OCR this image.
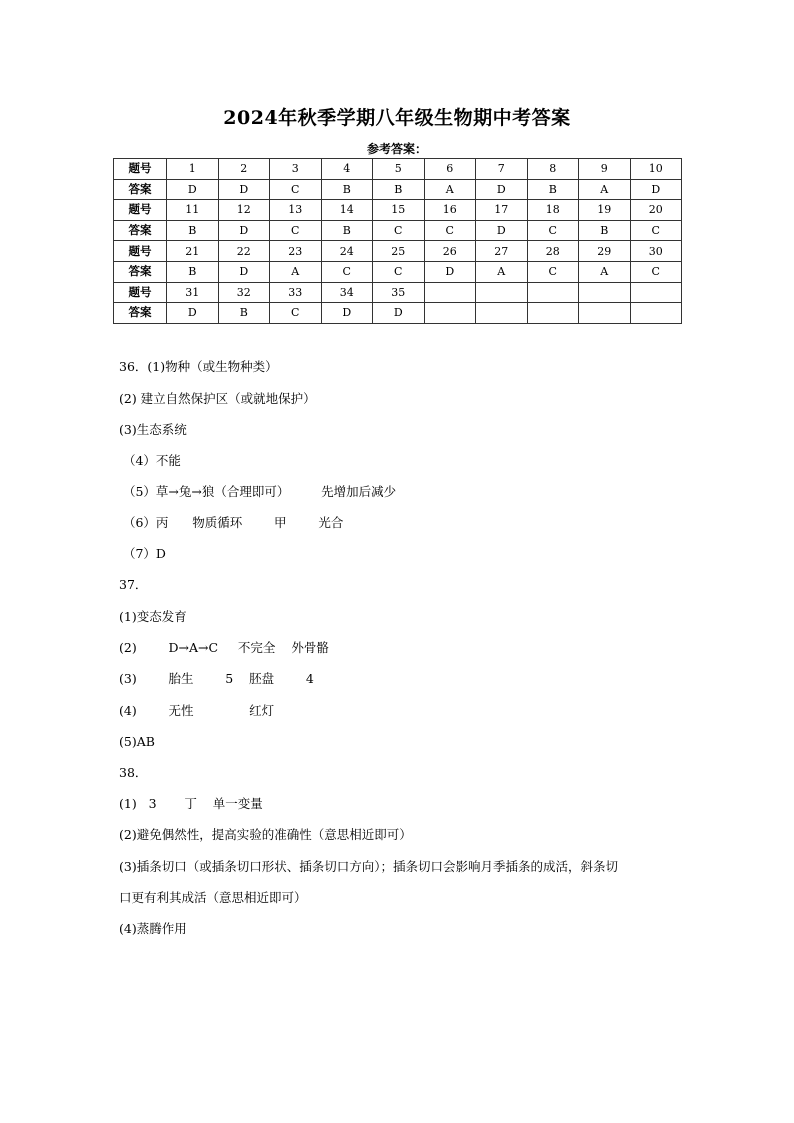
2024年秋季学期八年级生物期中考答案
参考答案：
题号	1	2	3	4	5	6	7	8	9	10
答案	D	D	C	B	B	A	D	B	A	D
题号	11	12	13	14	15	16	17	18	19	20
答案	B	D	C	B	C	C	D	C	B	C
题号	21	22	23	24	25	26	27	28	29	30
答案	B	D	A	C	C	D	A	C	A	C
题号	31	32	33	34	35					
答案	D	B	C	D	D					
36．(1)物种（或生物种类）
(2) 建立自然保护区（或就地保护）
(3)生态系统
（4）不能
（5）草→兔→狼（合理即可）        先增加后减少
（6）丙      物质循环        甲        光合
（7）D
37．
(1)变态发育
(2)        D→A→C     不完全    外骨骼
(3)        胎生        5    胚盘        4
(4)        无性              红灯
(5)AB
38．
(1)   3       丁    单一变量
(2)避免偶然性，提高实验的准确性（意思相近即可）
(3)插条切口（或插条切口形状、插条切口方向）；插条切口会影响月季插条的成活，斜条切
口更有利其成活（意思相近即可）
(4)蒸腾作用
